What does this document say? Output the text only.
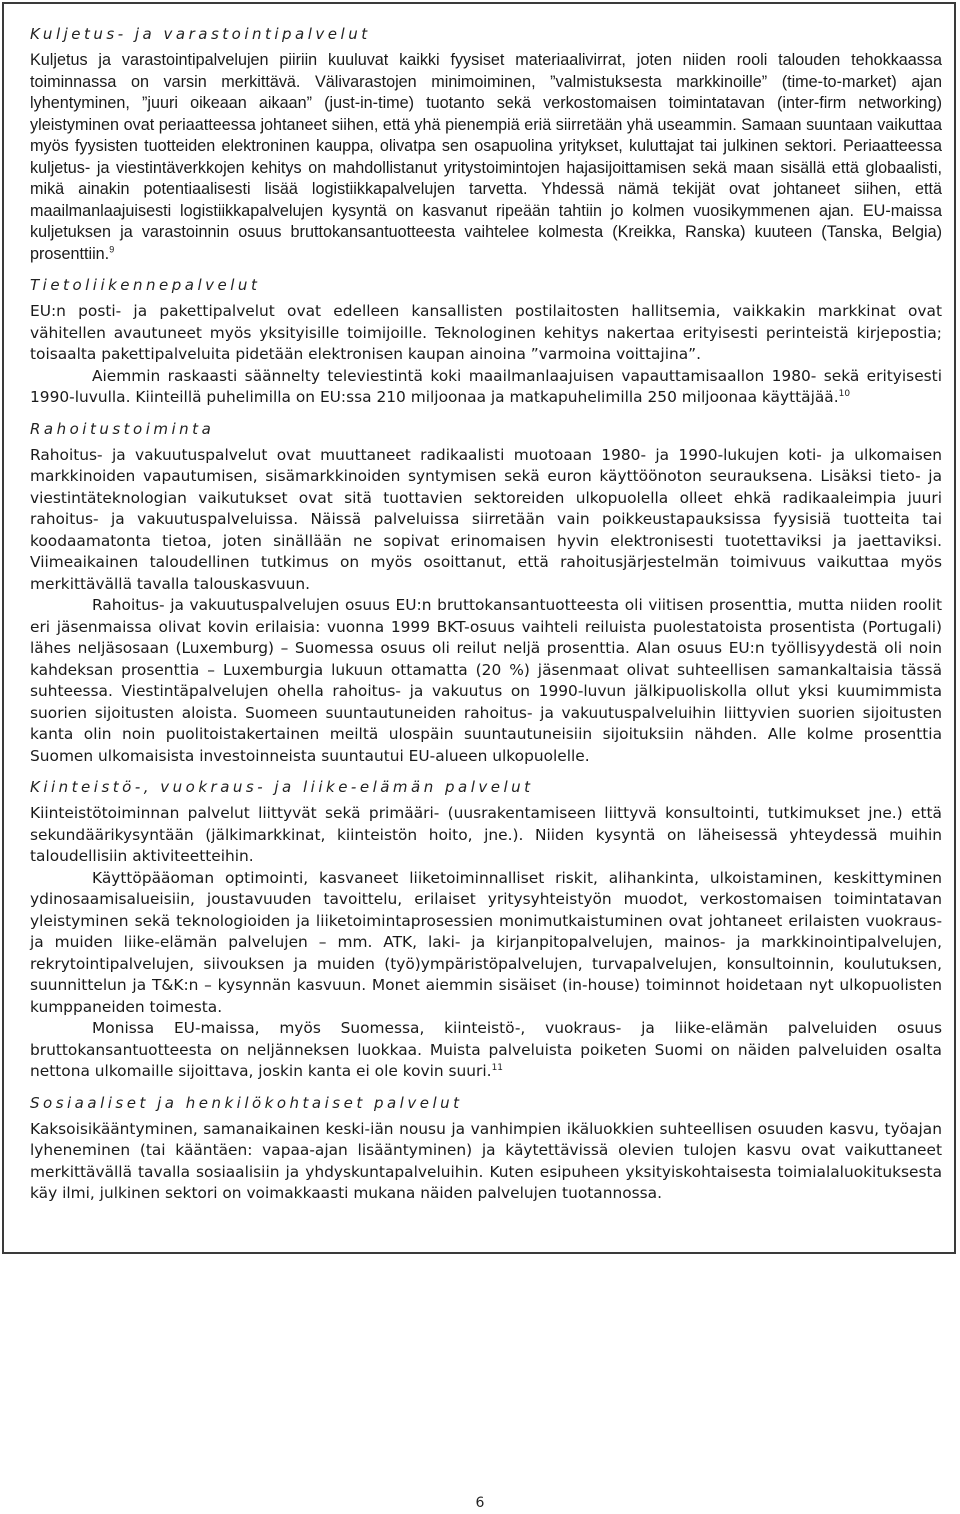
Kuljetus- ja varastointipalvelut

Kuljetus ja varastointipalvelujen piiriin kuuluvat kaikki fyysiset materiaalivirrat, joten niiden rooli talouden tehokkaassa toiminnassa on varsin merkittävä. Välivarastojen minimoiminen, ”valmistuksesta markkinoille” (time-to-market) ajan lyhentyminen, ”juuri oikeaan aikaan” (just-in-time) tuotanto sekä verkostomaisen toimintatavan (inter-firm networking) yleistyminen ovat periaatteessa johtaneet siihen, että yhä pienempiä eriä siirretään yhä useammin. Samaan suuntaan vaikuttaa myös fyysisten tuotteiden elektroninen kauppa, olivatpa sen osapuolina yritykset, kuluttajat tai julkinen sektori. Periaatteessa kuljetus- ja viestintäverkkojen kehitys on mahdollistanut yritystoimintojen hajasijoittamisen sekä maan sisällä että globaalisti, mikä ainakin potentiaalisesti lisää logistiikkapalvelujen tarvetta. Yhdessä nämä tekijät ovat johtaneet siihen, että maailmanlaajuisesti logistiikkapalvelujen kysyntä on kasvanut ripeään tahtiin jo kolmen vuosikymmenen ajan. EU-maissa kuljetuksen ja varastoinnin osuus bruttokansantuotteesta vaihtelee kolmesta (Kreikka, Ranska) kuuteen (Tanska, Belgia) prosenttiin.$^9$

Tietoliikennepalvelut

EU:n posti- ja pakettipalvelut ovat edelleen kansallisten postilaitosten hallitsemia, vaikkakin markkinat ovat vähitellen avautuneet myös yksityisille toimijoille. Teknologinen kehitys nakertaa erityisesti perinteistä kirjepostia; toisaalta pakettipalveluita pidetään elektronisen kaupan ainoina ”varmoina voittajina”.

Aiemmin raskaasti säännelty televiestintä koki maailmanlaajuisen vapauttamisaallon 1980- sekä erityisesti 1990-luvulla. Kiinteillä puhelimilla on EU:ssa 210 miljoonaa ja matkapuhelimilla 250 miljoonaa käyttäjää.$^{10}$

Rahoitustoiminta

Rahoitus- ja vakuutuspalvelut ovat muuttaneet radikaalisti muotoaan 1980- ja 1990-lukujen koti- ja ulkomaisen markkinoiden vapautumisen, sisämarkkinoiden syntymisen sekä euron käyttöönoton seurauksena. Lisäksi tieto- ja viestintäteknologian vaikutukset ovat sitä tuottavien sektoreiden ulkopuolella olleet ehkä radikaaleimpia juuri rahoitus- ja vakuutuspalveluissa. Näissä palveluissa siirretään vain poikkeustapauksissa fyysisiä tuotteita tai koodaamatonta tietoa, joten sinällään ne sopivat erinomaisen hyvin elektronisesti tuotettaviksi ja jaettaviksi. Viimeaikainen taloudellinen tutkimus on myös osoittanut, että rahoitusjärjestelmän toimivuus vaikuttaa myös merkittävällä tavalla talouskasvuun.

Rahoitus- ja vakuutuspalvelujen osuus EU:n bruttokansantuotteesta oli viitisen prosenttia, mutta niiden roolit eri jäsenmaissa olivat kovin erilaisia: vuonna 1999 BKT-osuus vaihteli reiluista puolestatoista prosentista (Portugali) lähes neljäsosaan (Luxemburg) – Suomessa osuus oli reilut neljä prosenttia. Alan osuus EU:n työllisyydestä oli noin kahdeksan prosenttia – Luxemburgia lukuun ottamatta (20 %) jäsenmaat olivat suhteellisen samankaltaisia tässä suhteessa. Viestintäpalvelujen ohella rahoitus- ja vakuutus on 1990-luvun jälkipuoliskolla ollut yksi kuumimmista suorien sijoitusten aloista. Suomeen suuntautuneiden rahoitus- ja vakuutuspalveluihin liittyvien suorien sijoitusten kanta olin noin puolitoistakertainen meiltä ulospäin suuntautuneisiin sijoituksiin nähden. Alle kolme prosenttia Suomen ulkomaisista investoinneista suuntautui EU-alueen ulkopuolelle.

Kiinteistö-, vuokraus- ja liike-elämän palvelut

Kiinteistötoiminnan palvelut liittyvät sekä primääri- (uusrakentamiseen liittyvä konsultointi, tutkimukset jne.) että sekundäärikysyntään (jälkimarkkinat, kiinteistön hoito, jne.). Niiden kysyntä on läheisessä yhteydessä muihin taloudellisiin aktiviteetteihin.

Käyttöpääoman optimointi, kasvaneet liiketoiminnalliset riskit, alihankinta, ulkoistaminen, keskittyminen ydinosaamisalueisiin, joustavuuden tavoittelu, erilaiset yritysyhteistyön muodot, verkostomaisen toimintatavan yleistyminen sekä teknologioiden ja liiketoimintaprosessien monimutkaistuminen ovat johtaneet erilaisten vuokraus- ja muiden liike-elämän palvelujen – mm. ATK, laki- ja kirjanpitopalvelujen, mainos- ja markkinointipalvelujen, rekrytointipalvelujen, siivouksen ja muiden (työ)ympäristöpalvelujen, turvapalvelujen, konsultoinnin, koulutuksen, suunnittelun ja T&K:n – kysynnän kasvuun. Monet aiemmin sisäiset (in-house) toiminnot hoidetaan nyt ulkopuolisten kumppaneiden toimesta.

Monissa EU-maissa, myös Suomessa, kiinteistö-, vuokraus- ja liike-elämän palveluiden osuus bruttokansantuotteesta on neljänneksen luokkaa. Muista palveluista poiketen Suomi on näiden palveluiden osalta nettona ulkomaille sijoittava, joskin kanta ei ole kovin suuri.$^{11}$

Sosiaaliset ja henkilökohtaiset palvelut

Kaksoisikääntyminen, samanaikainen keski-iän nousu ja vanhimpien ikäluokkien suhteellisen osuuden kasvu, työajan lyheneminen (tai kääntäen: vapaa-ajan lisääntyminen) ja käytettävissä olevien tulojen kasvu ovat vaikuttaneet merkittävällä tavalla sosiaalisiin ja yhdyskuntapalveluihin. Kuten esipuheen yksityiskohtaisesta toimialaluokituksesta käy ilmi, julkinen sektori on voimakkaasti mukana näiden palvelujen tuotannossa.

6
